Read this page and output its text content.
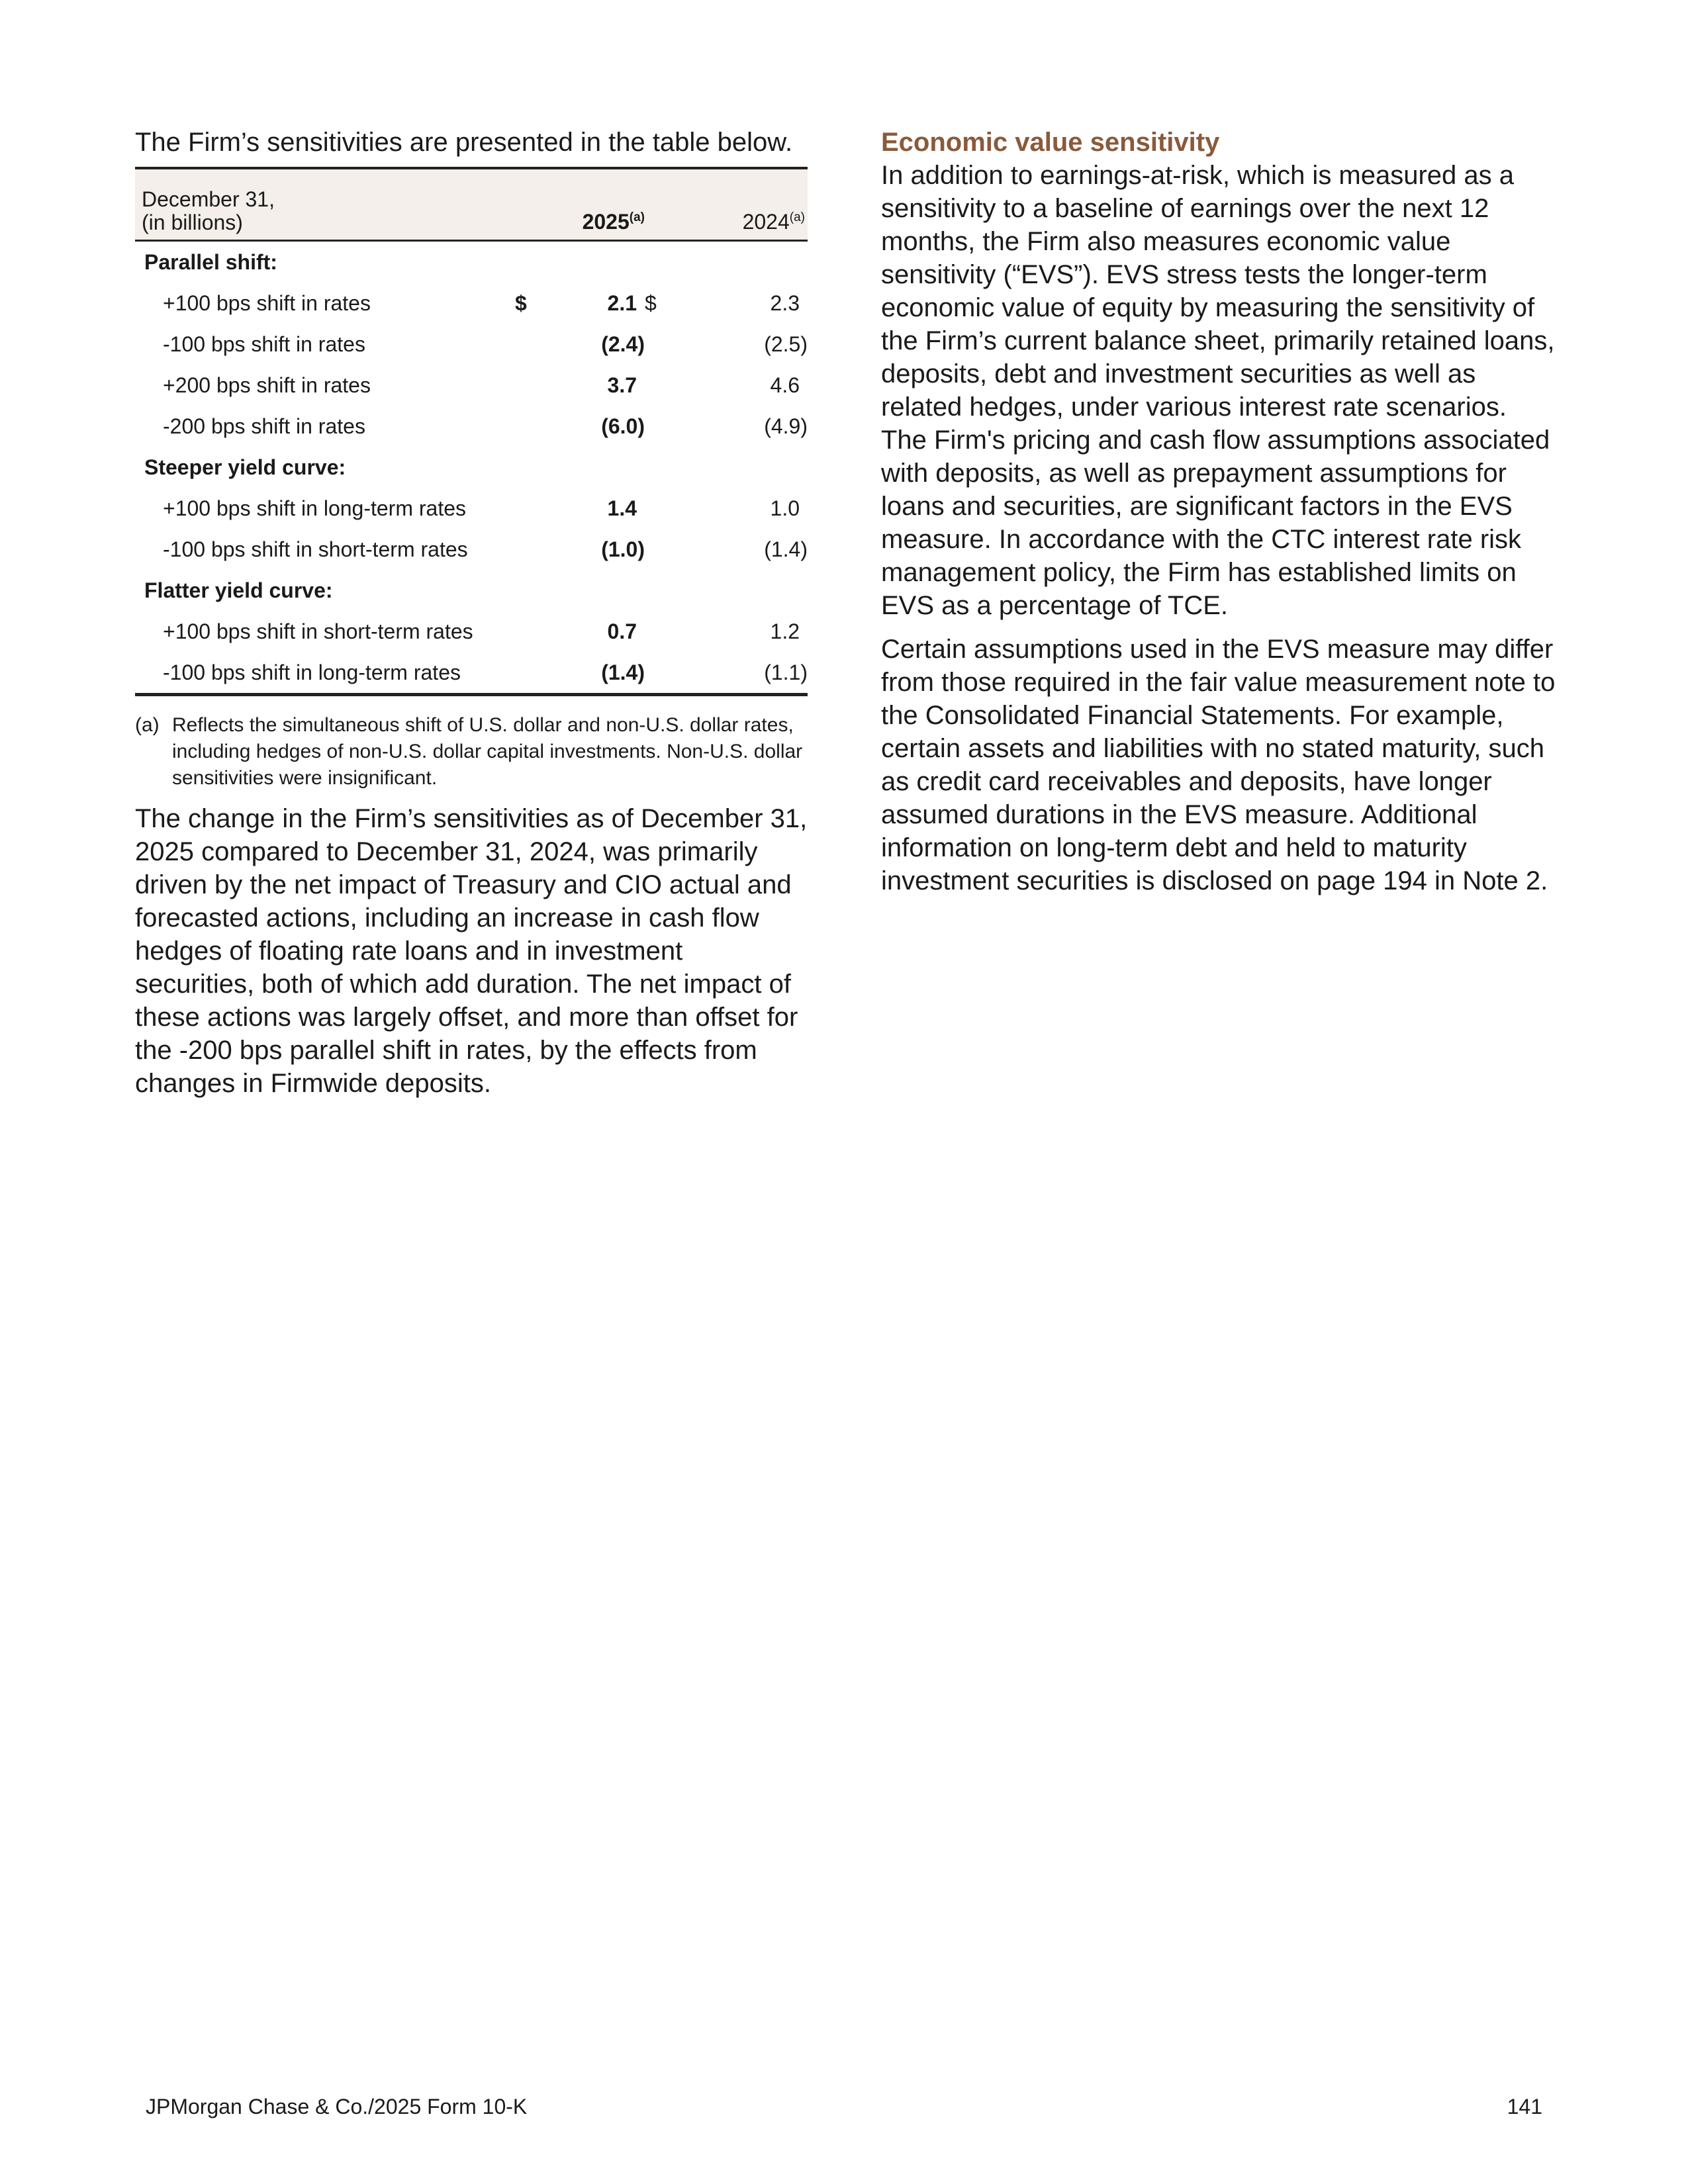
The Firm’s sensitivities are presented in the table below.

December 31,
(in billions)		2025$^{(a)}$		2024$^{(a)}$
Parallel shift:				
+100 bps shift in rates	$	2.1	$	2.3
-100 bps shift in rates		(2.4)		(2.5)
+200 bps shift in rates		3.7		4.6
-200 bps shift in rates		(6.0)		(4.9)
Steeper yield curve:				
+100 bps shift in long-term rates		1.4		1.0
-100 bps shift in short-term rates		(1.0)		(1.4)
Flatter yield curve:				
+100 bps shift in short-term rates		0.7		1.2
-100 bps shift in long-term rates		(1.4)		(1.1)
(a) Reflects the simultaneous shift of U.S. dollar and non-U.S. dollar rates, including hedges of non-U.S. dollar capital investments. Non-U.S. dollar sensitivities were insignificant.

The change in the Firm’s sensitivities as of December 31, 2025 compared to December 31, 2024, was primarily driven by the net impact of Treasury and CIO actual and forecasted actions, including an increase in cash flow hedges of floating rate loans and in investment securities, both of which add duration. The net impact of these actions was largely offset, and more than offset for the -200 bps parallel shift in rates, by the effects from changes in Firmwide deposits.

Economic value sensitivity

In addition to earnings-at-risk, which is measured as a sensitivity to a baseline of earnings over the next 12 months, the Firm also measures economic value sensitivity (“EVS”). EVS stress tests the longer-term economic value of equity by measuring the sensitivity of the Firm’s current balance sheet, primarily retained loans, deposits, debt and investment securities as well as related hedges, under various interest rate scenarios. The Firm's pricing and cash flow assumptions associated with deposits, as well as prepayment assumptions for loans and securities, are significant factors in the EVS measure. In accordance with the CTC interest rate risk management policy, the Firm has established limits on EVS as a percentage of TCE.

Certain assumptions used in the EVS measure may differ from those required in the fair value measurement note to the Consolidated Financial Statements. For example, certain assets and liabilities with no stated maturity, such as credit card receivables and deposits, have longer assumed durations in the EVS measure. Additional information on long-term debt and held to maturity investment securities is disclosed on page 194 in Note 2.

JPMorgan Chase & Co./2025 Form 10-K	141
